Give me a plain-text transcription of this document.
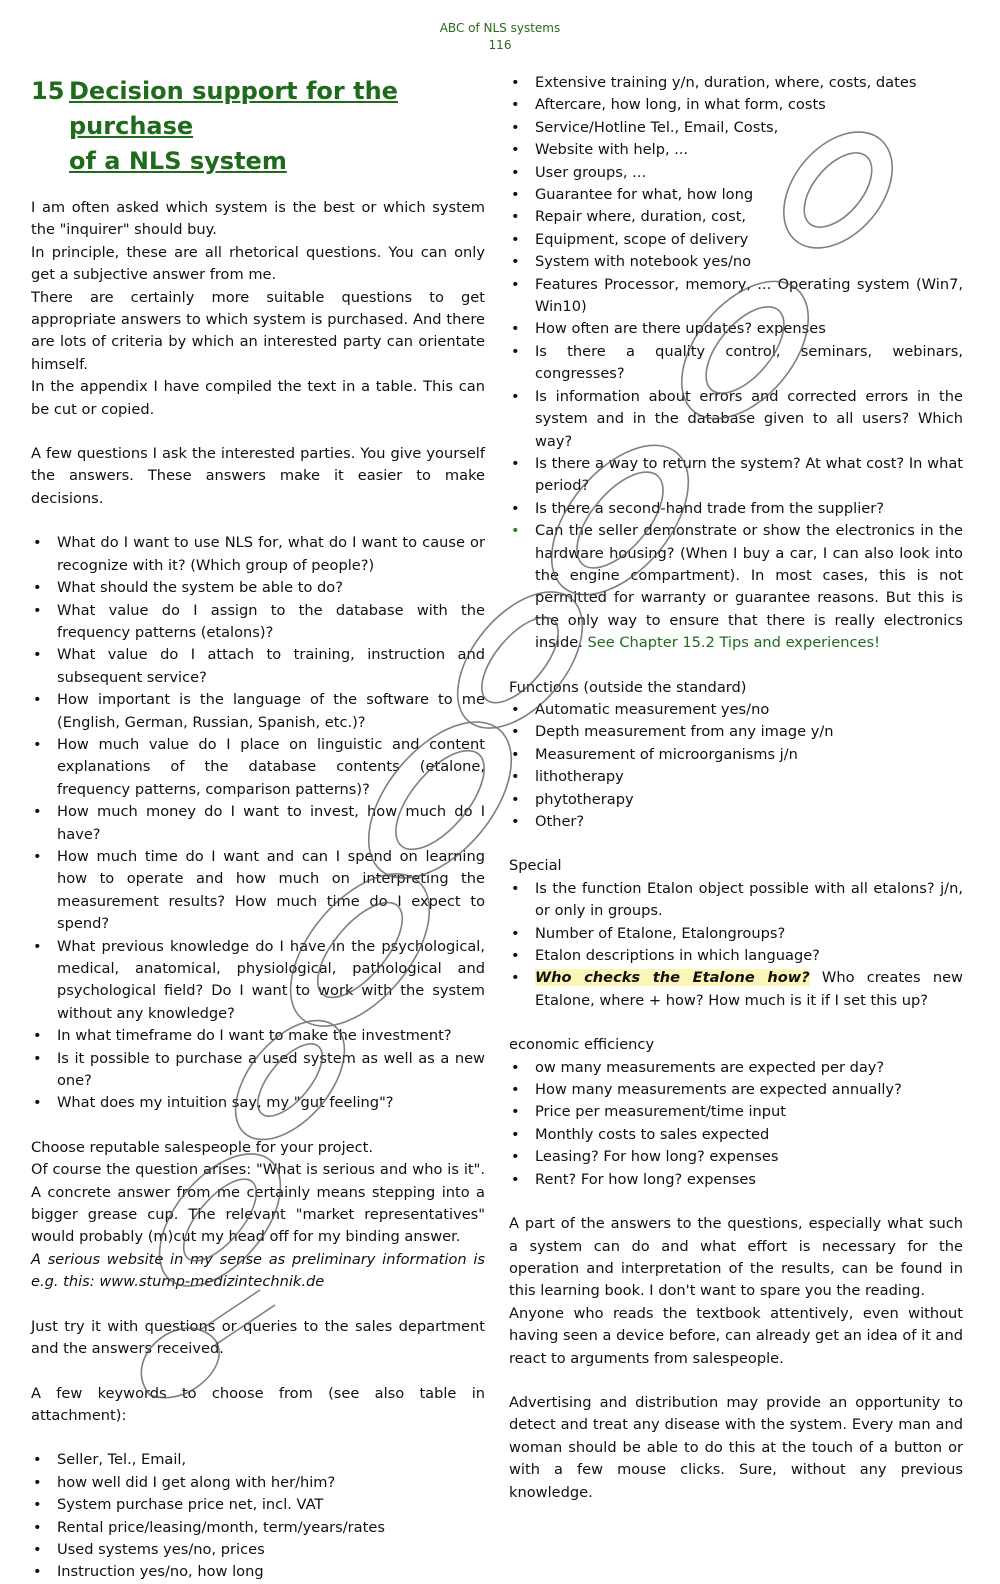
ABC of NLS systems
116
15 Decision support for the purchase
of a NLS system

I am often asked which system is the best or which system the "inquirer" should buy.

In principle, these are all rhetorical questions. You can only get a subjective answer from me.

There are certainly more suitable questions to get appropriate answers to which system is purchased. And there are lots of criteria by which an interested party can orientate himself.

In the appendix I have compiled the text in a table. This can be cut or copied.

A few questions I ask the interested parties. You give yourself the answers. These answers make it easier to make decisions.

• What do I want to use NLS for, what do I want to cause or recognize with it? (Which group of people?)
• What should the system be able to do?
• What value do I assign to the database with the frequency patterns (etalons)?
• What value do I attach to training, instruction and subsequent service?
• How important is the language of the software to me (English, German, Russian, Spanish, etc.)?
• How much value do I place on linguistic and content explanations of the database contents (etalone, frequency patterns, comparison patterns)?
• How much money do I want to invest, how much do I have?
• How much time do I want and can I spend on learning how to operate and how much on interpreting the measurement results? How much time do I expect to spend?
• What previous knowledge do I have in the psychological, medical, anatomical, physiological, pathological and psychological field? Do I want to work with the system without any knowledge?
• In what timeframe do I want to make the investment?
• Is it possible to purchase a used system as well as a new one?
• What does my intuition say, my "gut feeling"?

Choose reputable salespeople for your project.

Of course the question arises: "What is serious and who is it". A concrete answer from me certainly means stepping into a bigger grease cup. The relevant "market representatives" would probably (m)cut my head off for my binding answer.

A serious website in my sense as preliminary information is e.g. this: www.stump-medizintechnik.de

Just try it with questions or queries to the sales department and the answers received.

A few keywords to choose from (see also table in attachment):

• Seller, Tel., Email,
• how well did I get along with her/him?
• System purchase price net, incl. VAT
• Rental price/leasing/month, term/years/rates
• Used systems yes/no, prices
• Instruction yes/no, how long
• Extensive training y/n, duration, where, costs, dates
• Aftercare, how long, in what form, costs
• Service/Hotline Tel., Email, Costs,
• Website with help, ...
• User groups, ...
• Guarantee for what, how long
• Repair where, duration, cost,
• Equipment, scope of delivery
• System with notebook yes/no
• Features Processor, memory, ... Operating system (Win7, Win10)
• How often are there updates? expenses
• Is there a quality control, seminars, webinars, congresses?
• Is information about errors and corrected errors in the system and in the database given to all users? Which way?
• Is there a way to return the system? At what cost? In what period?
• Is there a second-hand trade from the supplier?
• Can the seller demonstrate or show the electronics in the hardware housing? (When I buy a car, I can also look into the engine compartment). In most cases, this is not permitted for warranty or guarantee reasons. But this is the only way to ensure that there is really electronics inside. See Chapter 15.2 Tips and experiences!

Functions (outside the standard)

• Automatic measurement yes/no
• Depth measurement from any image y/n
• Measurement of microorganisms j/n
• lithotherapy
• phytotherapy
• Other?

Special

• Is the function Etalon object possible with all etalons? j/n, or only in groups.
• Number of Etalone, Etalongroups?
• Etalon descriptions in which language?
• Who checks the Etalone how? Who creates new Etalone, where + how? How much is it if I set this up?

economic efficiency

• ow many measurements are expected per day?
• How many measurements are expected annually?
• Price per measurement/time input
• Monthly costs to sales expected
• Leasing? For how long? expenses
• Rent? For how long? expenses

A part of the answers to the questions, especially what such a system can do and what effort is necessary for the operation and interpretation of the results, can be found in this learning book. I don't want to spare you the reading.

Anyone who reads the textbook attentively, even without having seen a device before, can already get an idea of it and react to arguments from salespeople.

Advertising and distribution may provide an opportunity to detect and treat any disease with the system. Every man and woman should be able to do this at the touch of a button or with a few mouse clicks. Sure, without any previous knowledge.
